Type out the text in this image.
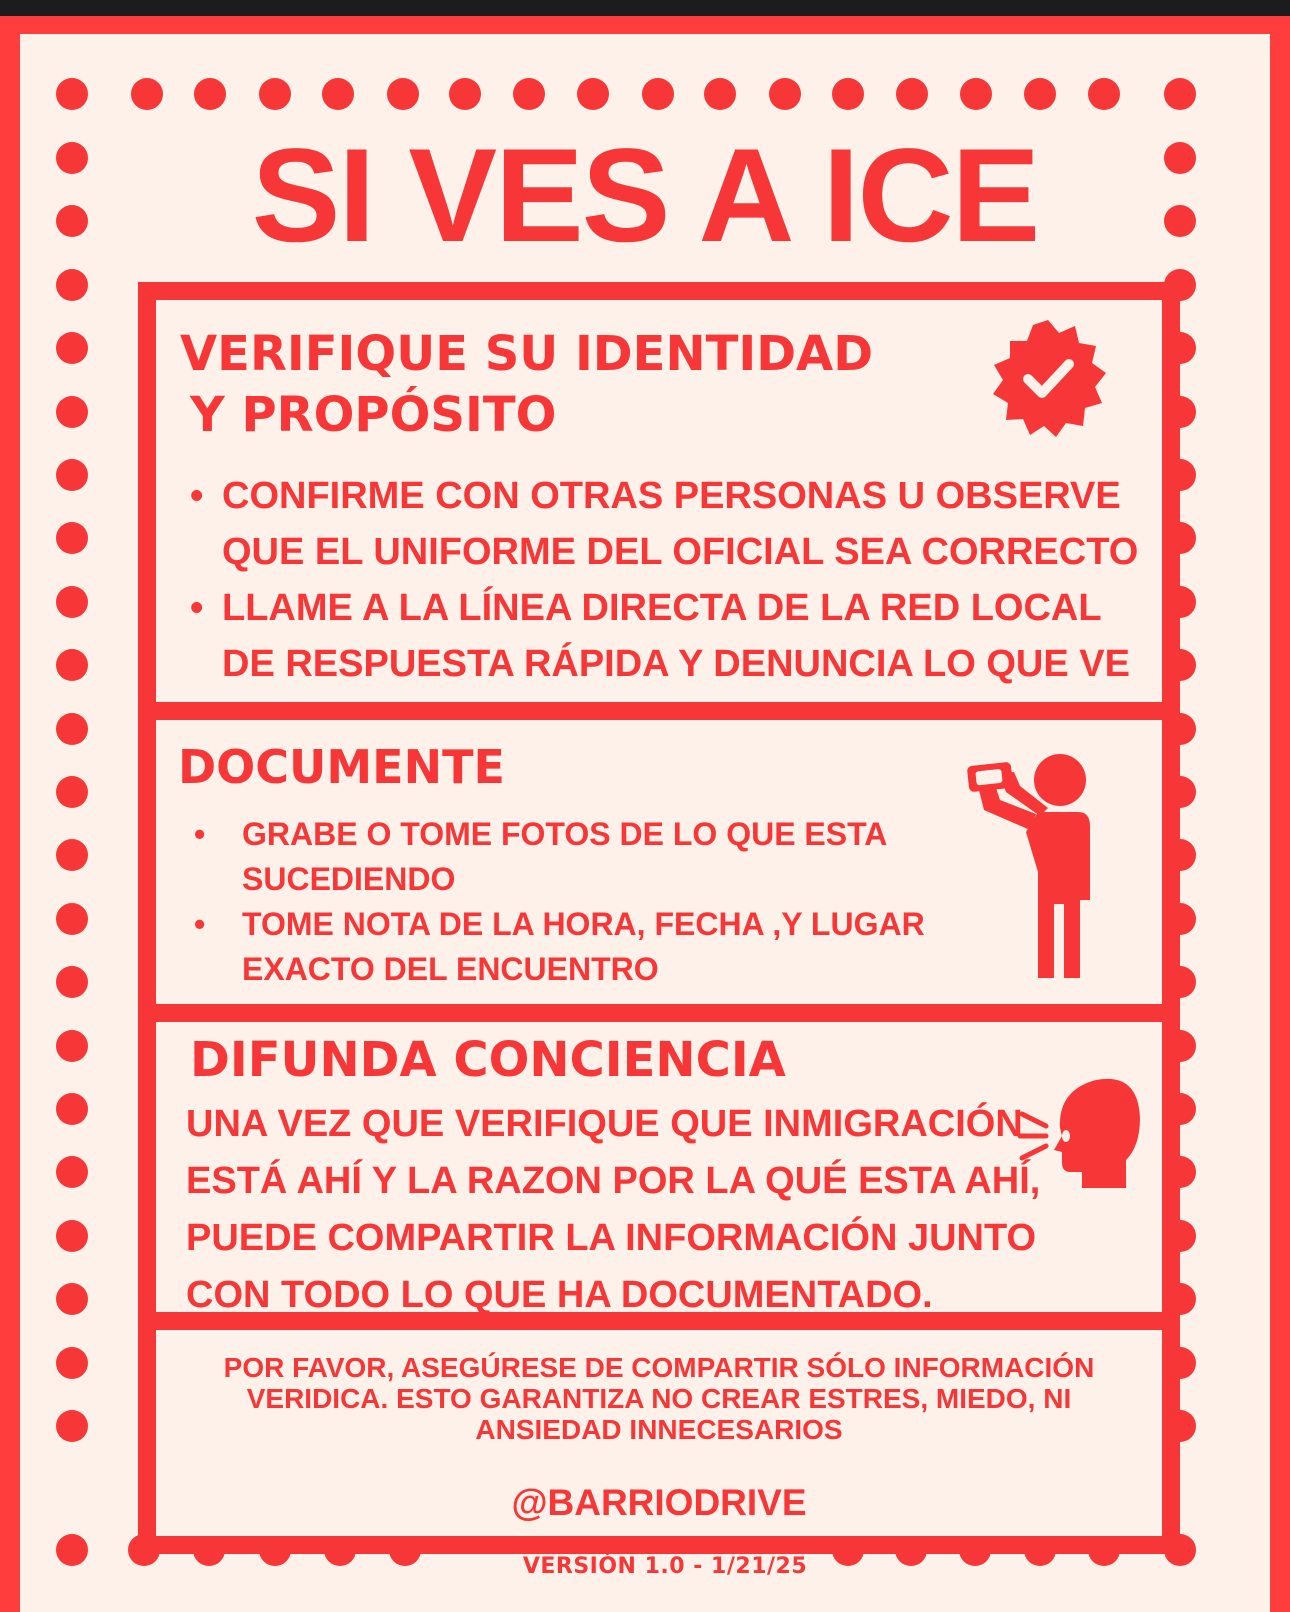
SI VES A ICE
VERIFIQUE SU IDENTIDAD
Y PROPÓSITO
• CONFIRME CON OTRAS PERSONAS U OBSERVE
QUE EL UNIFORME DEL OFICIAL SEA CORRECTO
• LLAME A LA LÍNEA DIRECTA DE LA RED LOCAL
DE RESPUESTA RÁPIDA Y DENUNCIA LO QUE VE
DOCUMENTE
• GRABE O TOME FOTOS DE LO QUE ESTA
SUCEDIENDO
• TOME NOTA DE LA HORA, FECHA ,Y LUGAR
EXACTO DEL ENCUENTRO
DIFUNDA CONCIENCIA

UNA VEZ QUE VERIFIQUE QUE INMIGRACIÓN
ESTÁ AHÍ Y LA RAZON POR LA QUÉ ESTA AHÍ,
PUEDE COMPARTIR LA INFORMACIÓN JUNTO
CON TODO LO QUE HA DOCUMENTADO.

POR FAVOR, ASEGÚRESE DE COMPARTIR SÓLO INFORMACIÓN
VERIDICA. ESTO GARANTIZA NO CREAR ESTRES, MIEDO, NI
ANSIEDAD INNECESARIOS

@BARRIODRIVE

VERSIÓN 1.0 - 1/21/25
